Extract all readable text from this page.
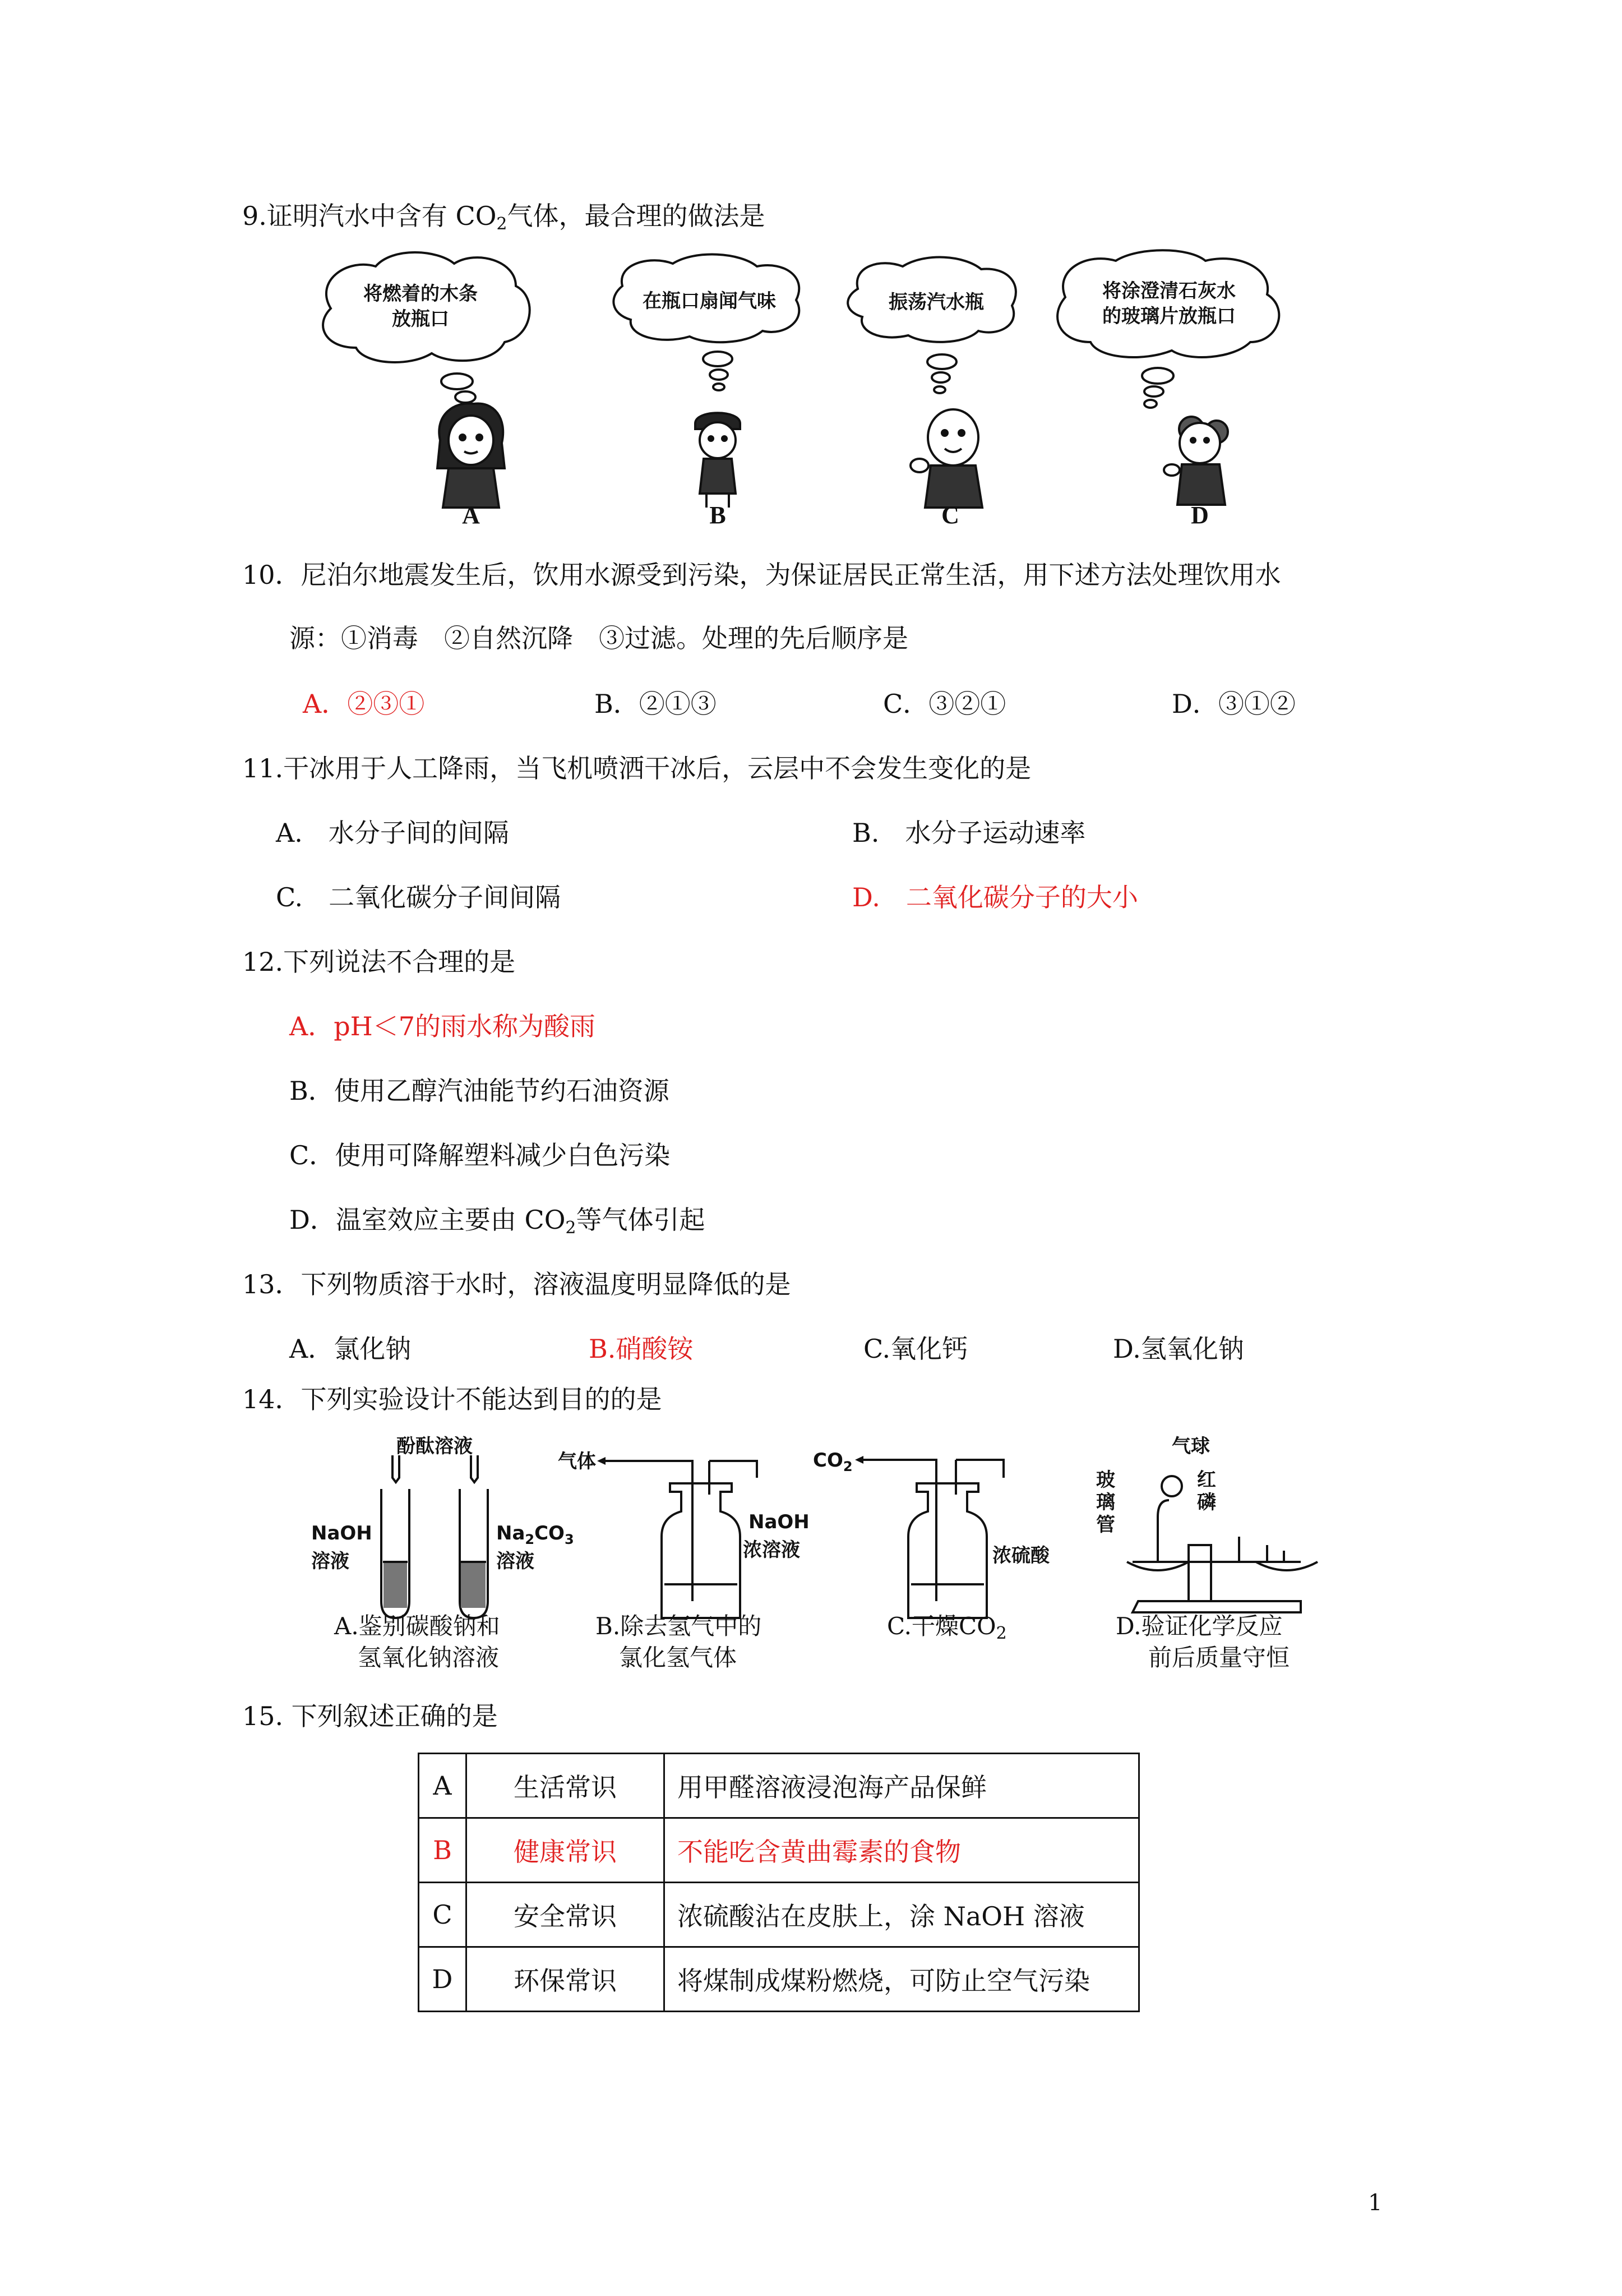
9.证明汽水中含有 $CO_2$气体，最合理的做法是
将燃着的木条
放瓶口
在瓶口扇闻气味	振荡汽水瓶	将涂澄清石灰水
的玻璃片放瓶口
A	B	C	D
10．尼泊尔地震发生后，饮用水源受到污染，为保证居民正常生活，用下述方法处理饮用水
源：①消毒　②自然沉降　③过滤。处理的先后顺序是
A．②③①	B．②①③	C．③②①	D．③①②
11.干冰用于人工降雨，当飞机喷洒干冰后，云层中不会发生变化的是
A.　水分子间的间隔	B.　水分子运动速率
C.　二氧化碳分子间间隔	D.　二氧化碳分子的大小
12.下列说法不合理的是
A．pH＜7的雨水称为酸雨
B．使用乙醇汽油能节约石油资源
C．使用可降解塑料减少白色污染
D．温室效应主要由 $CO_2$等气体引起
13．下列物质溶于水时，溶液温度明显降低的是
A．氯化钠	B.硝酸铵	C.氧化钙	D.氢氧化钠
14．下列实验设计不能达到目的的是
酚酞溶液
NaOH
溶液
$Na_2CO_3$
溶液
气体
NaOH
浓溶液
$CO_2$
浓硫酸
气球
玻
璃
管
红
磷
A.鉴别碳酸钠和
氢氧化钠溶液
B.除去氢气中的
氯化氢气体
C.干燥$CO_2$	D.验证化学反应
前后质量守恒
15. 下列叙述正确的是
A	生活常识	用甲醛溶液浸泡海产品保鲜
B	健康常识	不能吃含黄曲霉素的食物
C	安全常识	浓硫酸沾在皮肤上，涂 NaOH 溶液
D	环保常识	将煤制成煤粉燃烧，可防止空气污染
1
